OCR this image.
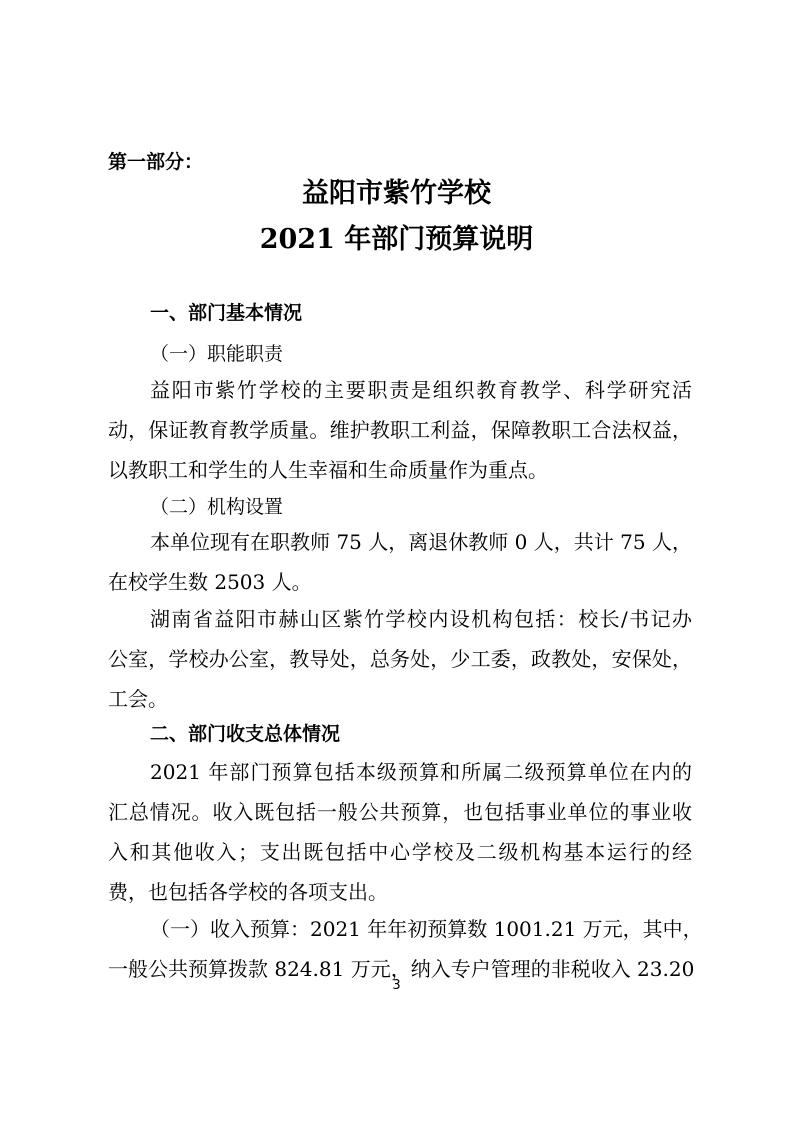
第一部分：
益阳市紫竹学校
2021 年部门预算说明
一、部门基本情况
（一）职能职责
益阳市紫竹学校的主要职责是组织教育教学、科学研究活
动，保证教育教学质量。维护教职工利益，保障教职工合法权益，
以教职工和学生的人生幸福和生命质量作为重点。
（二）机构设置
本单位现有在职教师 75 人，离退休教师 0 人，共计 75 人，
在校学生数 2503 人。
湖南省益阳市赫山区紫竹学校内设机构包括：校长/书记办
公室，学校办公室，教导处，总务处，少工委，政教处，安保处，
工会。
二、部门收支总体情况
2021 年部门预算包括本级预算和所属二级预算单位在内的
汇总情况。收入既包括一般公共预算，也包括事业单位的事业收
入和其他收入；支出既包括中心学校及二级机构基本运行的经
费，也包括各学校的各项支出。
（一）收入预算：2021 年年初预算数 1001.21 万元，其中，
一般公共预算拨款 824.81 万元，纳入专户管理的非税收入 23.20
3
